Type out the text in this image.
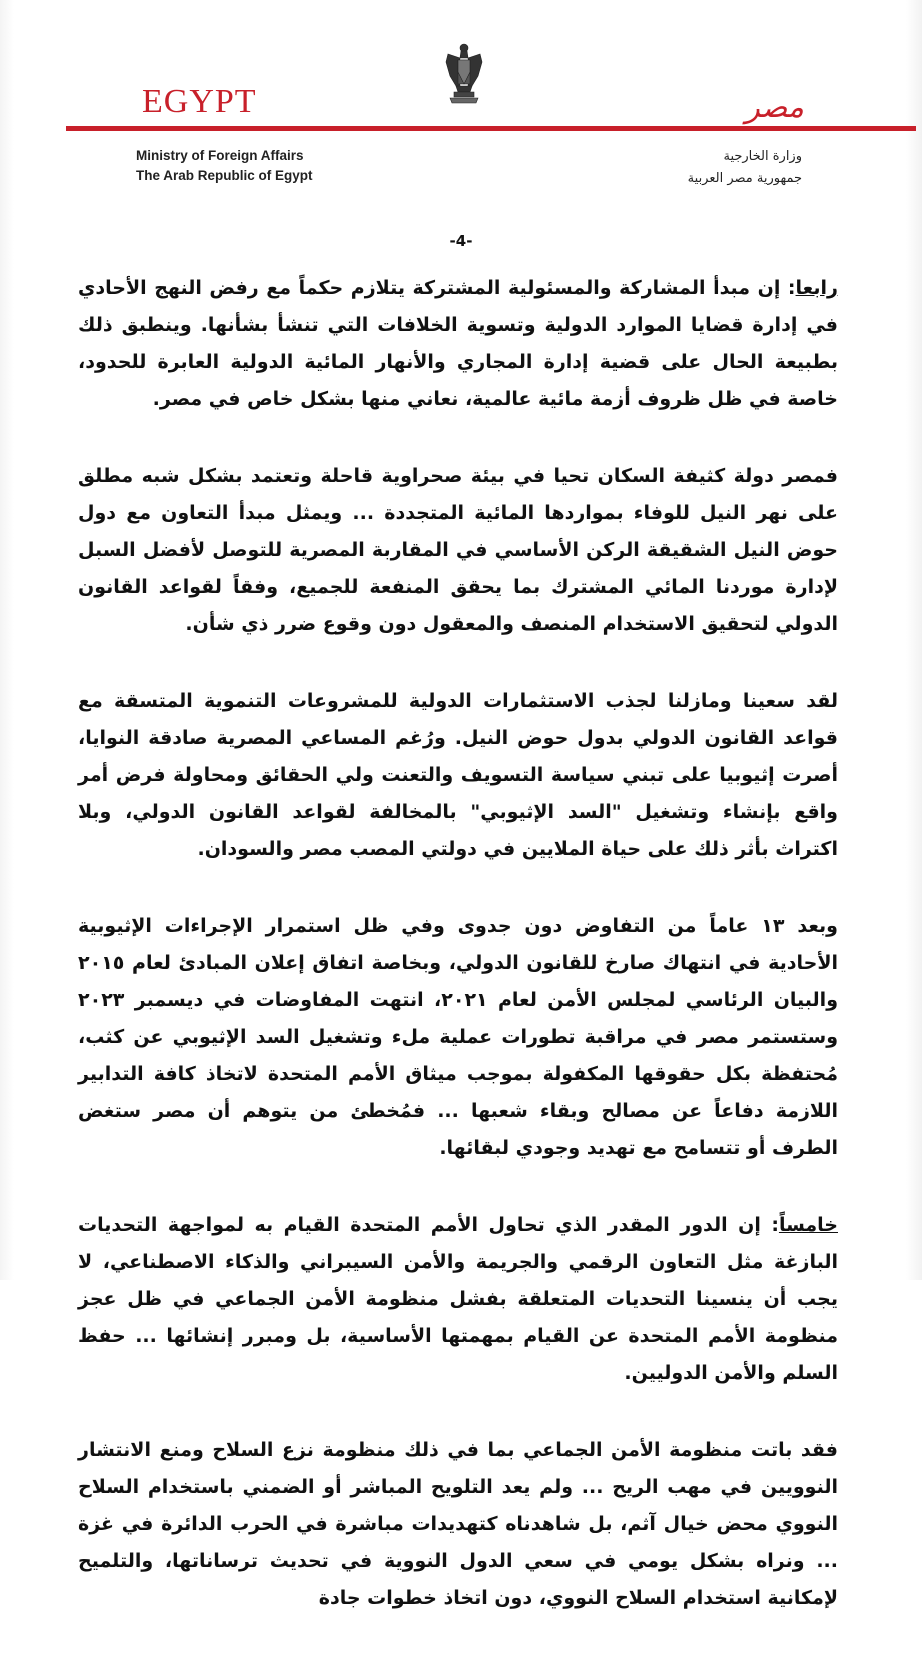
EGYPT	مصر
Ministry of Foreign Affairs
The Arab Republic of Egypt
وزارة الخارجية
جمهورية مصر العربية
-4-

رابعا: إن مبدأ المشاركة والمسئولية المشتركة يتلازم حكماً مع رفض النهج الأحادي في إدارة قضايا الموارد الدولية وتسوية الخلافات التي تنشأ بشأنها. وينطبق ذلك بطبيعة الحال على قضية إدارة المجاري والأنهار المائية الدولية العابرة للحدود، خاصة في ظل ظروف أزمة مائية عالمية، نعاني منها بشكل خاص في مصر.

فمصر دولة كثيفة السكان تحيا في بيئة صحراوية قاحلة وتعتمد بشكل شبه مطلق على نهر النيل للوفاء بمواردها المائية المتجددة ... ويمثل مبدأ التعاون مع دول حوض النيل الشقيقة الركن الأساسي في المقاربة المصرية للتوصل لأفضل السبل لإدارة موردنا المائي المشترك بما يحقق المنفعة للجميع، وفقاً لقواعد القانون الدولي لتحقيق الاستخدام المنصف والمعقول دون وقوع ضرر ذي شأن.

لقد سعينا ومازلنا لجذب الاستثمارات الدولية للمشروعات التنموية المتسقة مع قواعد القانون الدولي بدول حوض النيل. ورُغم المساعي المصرية صادقة النوايا، أصرت إثيوبيا على تبني سياسة التسويف والتعنت ولي الحقائق ومحاولة فرض أمر واقع بإنشاء وتشغيل "السد الإثيوبي" بالمخالفة لقواعد القانون الدولي، وبلا اكتراث بأثر ذلك على حياة الملايين في دولتي المصب مصر والسودان.

وبعد ١٣ عاماً من التفاوض دون جدوى وفي ظل استمرار الإجراءات الإثيوبية الأحادية في انتهاك صارخ للقانون الدولي، وبخاصة اتفاق إعلان المبادئ لعام ٢٠١٥ والبيان الرئاسي لمجلس الأمن لعام ٢٠٢١، انتهت المفاوضات في ديسمبر ٢٠٢٣ وستستمر مصر في مراقبة تطورات عملية ملء وتشغيل السد الإثيوبي عن كثب، مُحتفظة بكل حقوقها المكفولة بموجب ميثاق الأمم المتحدة لاتخاذ كافة التدابير اللازمة دفاعاً عن مصالح وبقاء شعبها ... فمُخطئ من يتوهم أن مصر ستغض الطرف أو تتسامح مع تهديد وجودي لبقائها.

خامساً: إن الدور المقدر الذي تحاول الأمم المتحدة القيام به لمواجهة التحديات البازغة مثل التعاون الرقمي والجريمة والأمن السيبراني والذكاء الاصطناعي، لا يجب أن ينسينا التحديات المتعلقة بفشل منظومة الأمن الجماعي في ظل عجز منظومة الأمم المتحدة عن القيام بمهمتها الأساسية، بل ومبرر إنشائها ... حفظ السلم والأمن الدوليين.

فقد باتت منظومة الأمن الجماعي بما في ذلك منظومة نزع السلاح ومنع الانتشار النوويين في مهب الريح ... ولم يعد التلويح المباشر أو الضمني باستخدام السلاح النووي محض خيال آثم، بل شاهدناه كتهديدات مباشرة في الحرب الدائرة في غزة ... ونراه بشكل يومي في سعي الدول النووية في تحديث ترساناتها، والتلميح لإمكانية استخدام السلاح النووي، دون اتخاذ خطوات جادة
